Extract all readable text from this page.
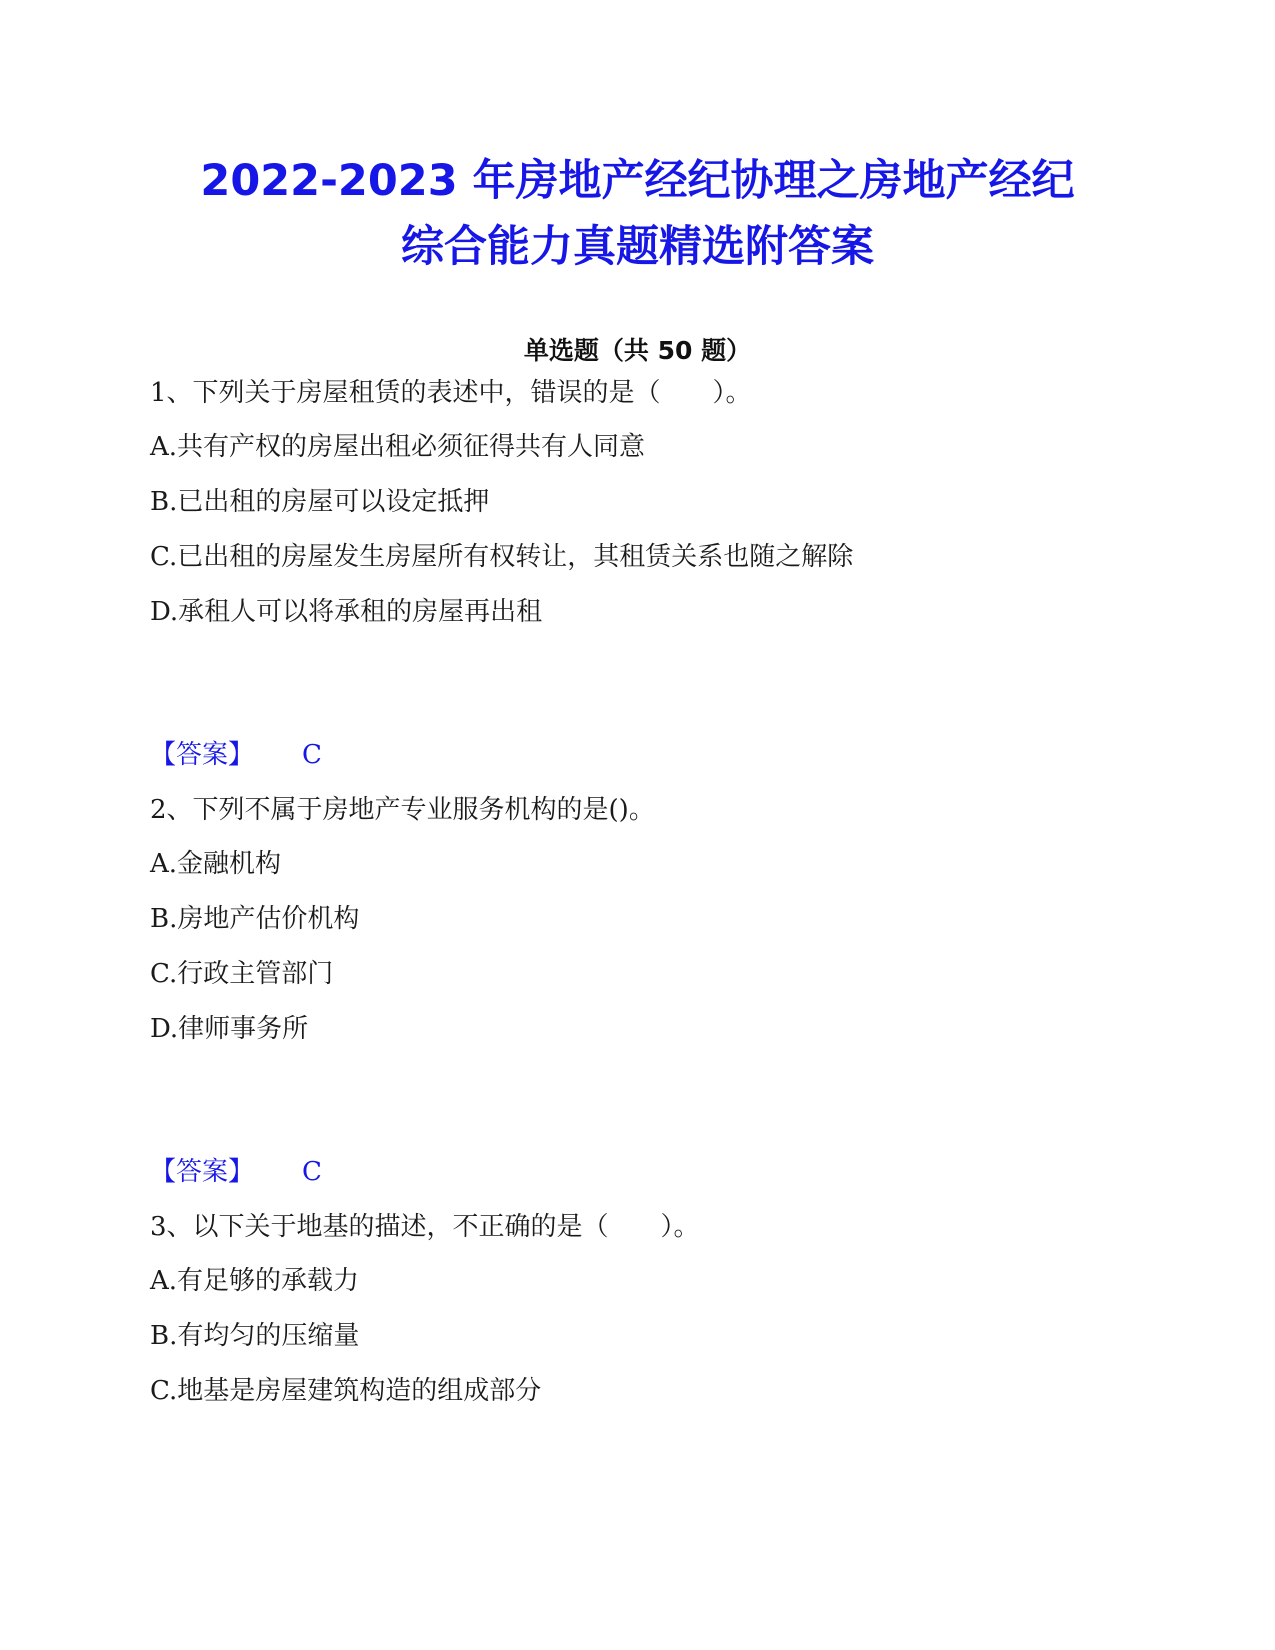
2022-2023 年房地产经纪协理之房地产经纪
综合能力真题精选附答案
单选题（共 50 题）
1、下列关于房屋租赁的表述中，错误的是（　　）。
A.共有产权的房屋出租必须征得共有人同意
B.已出租的房屋可以设定抵押
C.已出租的房屋发生房屋所有权转让，其租赁关系也随之解除
D.承租人可以将承租的房屋再出租
【答案】 C
2、下列不属于房地产专业服务机构的是()。
A.金融机构
B.房地产估价机构
C.行政主管部门
D.律师事务所
【答案】 C
3、以下关于地基的描述，不正确的是（　　）。
A.有足够的承载力
B.有均匀的压缩量
C.地基是房屋建筑构造的组成部分
